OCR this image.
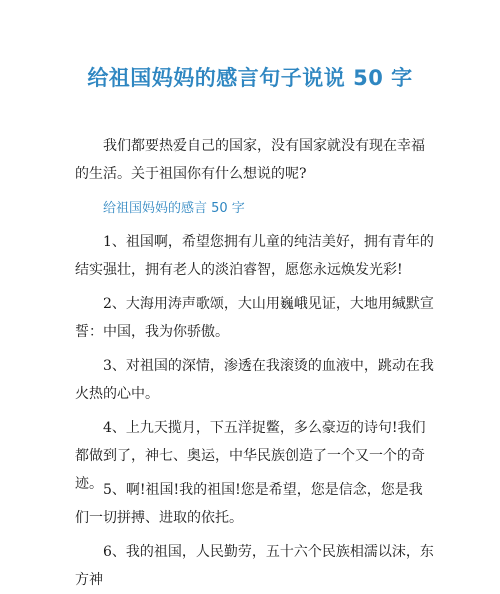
给祖国妈妈的感言句子说说 50 字

我们都要热爱自己的国家，没有国家就没有现在幸福的生活。关于祖国你有什么想说的呢?

给祖国妈妈的感言 50 字

1、祖国啊，希望您拥有儿童的纯洁美好，拥有青年的结实强壮，拥有老人的淡泊睿智，愿您永远焕发光彩!

2、大海用涛声歌颂，大山用巍峨见证，大地用缄默宣誓：中国，我为你骄傲。

3、对祖国的深情，渗透在我滚烫的血液中，跳动在我火热的心中。

4、上九天揽月，下五洋捉鳖，多么豪迈的诗句!我们都做到了，神七、奥运，中华民族创造了一个又一个的奇迹。 5、啊!祖国!我的祖国!您是希望，您是信念，您是我们一切拼搏、进取的依托。

6、我的祖国，人民勤劳，五十六个民族相濡以沫，东方神
